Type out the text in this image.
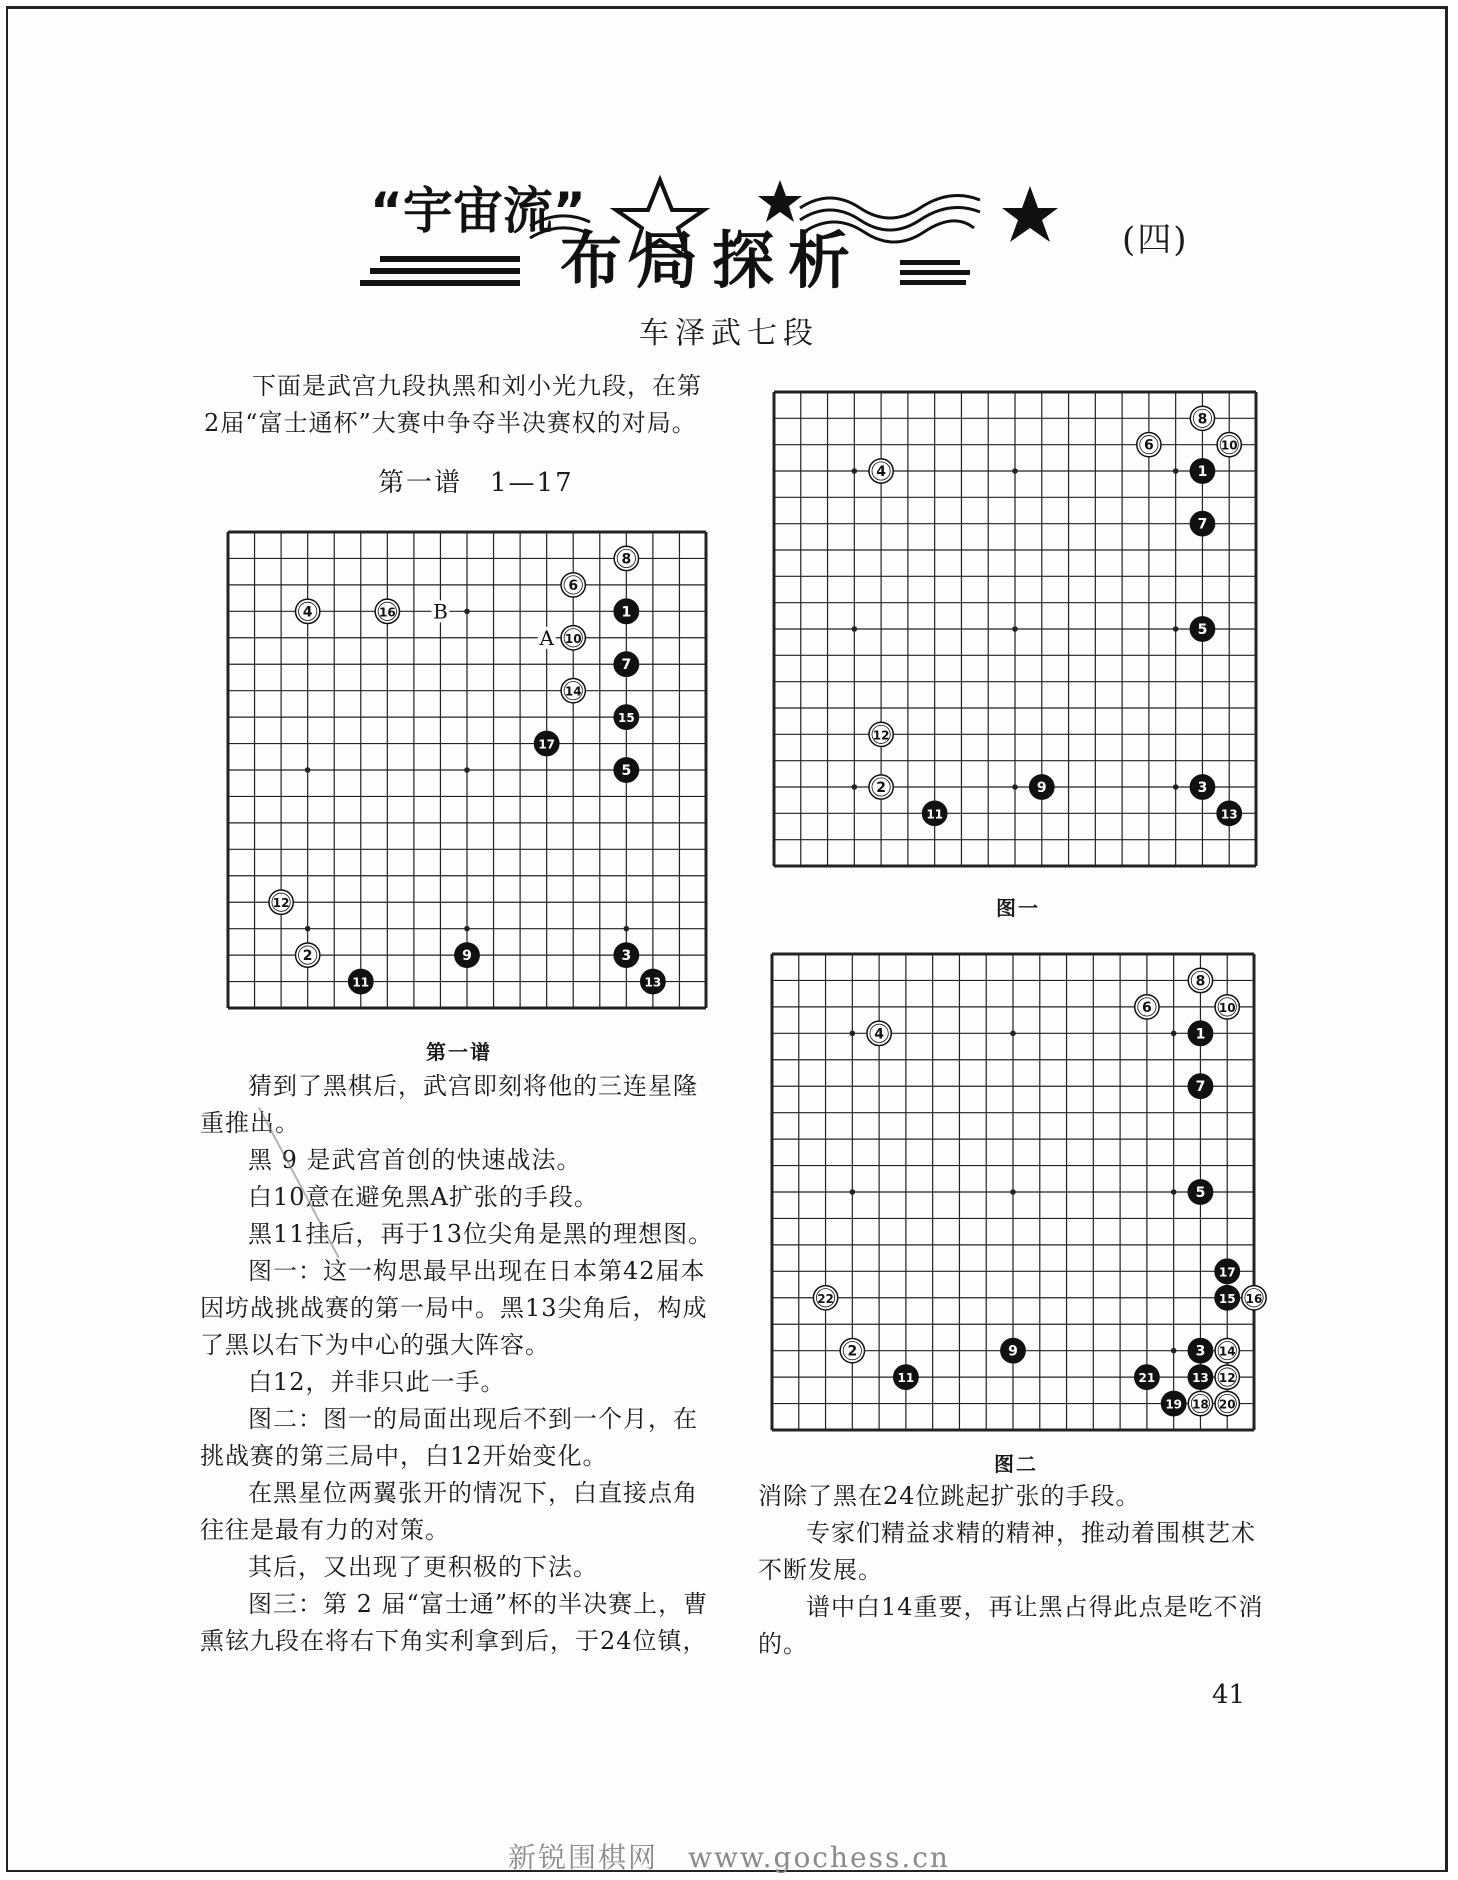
“宇宙流”
布局探析	(四)
车泽武七段

下面是武宫九段执黑和刘小光九段，在第

2届“富士通杯”大赛中争夺半决赛权的对局。

第一谱　1—17
8
6
1
4	16
10
7
14
15
17
5
12
2	9	3
11	13
B
A
第一谱
8
6	10
1
4
7
5
12
2	9	3
11	13
图一
8
6	10
1
4
7
5
17
15 16
22
2	9	3 14
11	21	13 12
19 18 20
图二

猜到了黑棋后，武宫即刻将他的三连星隆

重推出。

黑 9 是武宫首创的快速战法。

白10意在避免黑A扩张的手段。

黑11挂后，再于13位尖角是黑的理想图。

图一：这一构思最早出现在日本第42届本

因坊战挑战赛的第一局中。黑13尖角后，构成

了黑以右下为中心的强大阵容。

白12，并非只此一手。

图二：图一的局面出现后不到一个月，在

挑战赛的第三局中，白12开始变化。

在黑星位两翼张开的情况下，白直接点角

往往是最有力的对策。

其后，又出现了更积极的下法。

图三：第 2 届“富士通”杯的半决赛上，曹

熏铉九段在将右下角实利拿到后，于24位镇，

消除了黑在24位跳起扩张的手段。

专家们精益求精的精神，推动着围棋艺术

不断发展。

谱中白14重要，再让黑占得此点是吃不消

的。

41
新锐围棋网　www.gochess.cn
